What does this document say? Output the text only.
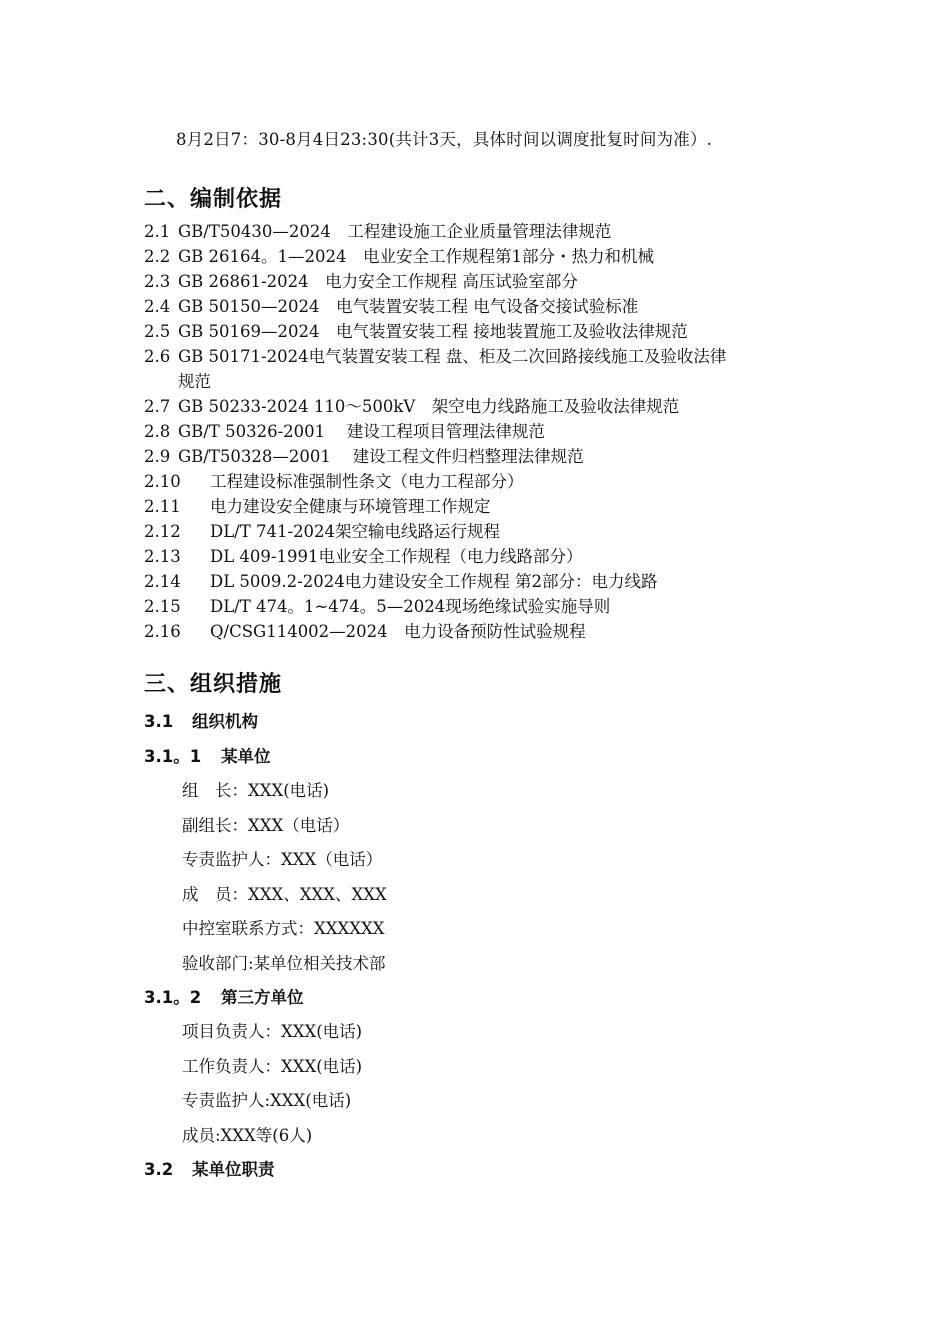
8月2日7：30-8月4日23:30(共计3天，具体时间以调度批复时间为准）.
二、编制依据
2.1 GB/T50430—2024　工程建设施工企业质量管理法律规范
2.2 GB 26164。1—2024　电业安全工作规程第1部分・热力和机械
2.3 GB 26861-2024　电力安全工作规程 高压试验室部分
2.4 GB 50150—2024　电气装置安装工程 电气设备交接试验标准
2.5 GB 50169—2024　电气装置安装工程 接地装置施工及验收法律规范
2.6 GB 50171-2024电气装置安装工程 盘、柜及二次回路接线施工及验收法律
规范
2.7 GB 50233-2024 110～500kV　架空电力线路施工及验收法律规范
2.8 GB/T 50326-2001　 建设工程项目管理法律规范
2.9 GB/T50328—2001　 建设工程文件归档整理法律规范
2.10 工程建设标准强制性条文（电力工程部分）
2.11 电力建设安全健康与环境管理工作规定
2.12 DL/T 741-2024架空输电线路运行规程
2.13 DL 409-1991电业安全工作规程（电力线路部分）
2.14 DL 5009.2-2024电力建设安全工作规程 第2部分：电力线路
2.15 DL/T 474。1~474。5—2024现场绝缘试验实施导则
2.16 Q/CSG114002—2024　电力设备预防性试验规程
三、组织措施
3.1 组织机构
3.1。1 某单位
组　长：XXX(电话)
副组长：XXX（电话）
专责监护人：XXX（电话）
成　员：XXX、XXX、XXX
中控室联系方式：XXXXXX
验收部门:某单位相关技术部
3.1。2 第三方单位
项目负责人：XXX(电话)
工作负责人：XXX(电话)
专责监护人:XXX(电话)
成员:XXX等(6人)
3.2 某单位职责
